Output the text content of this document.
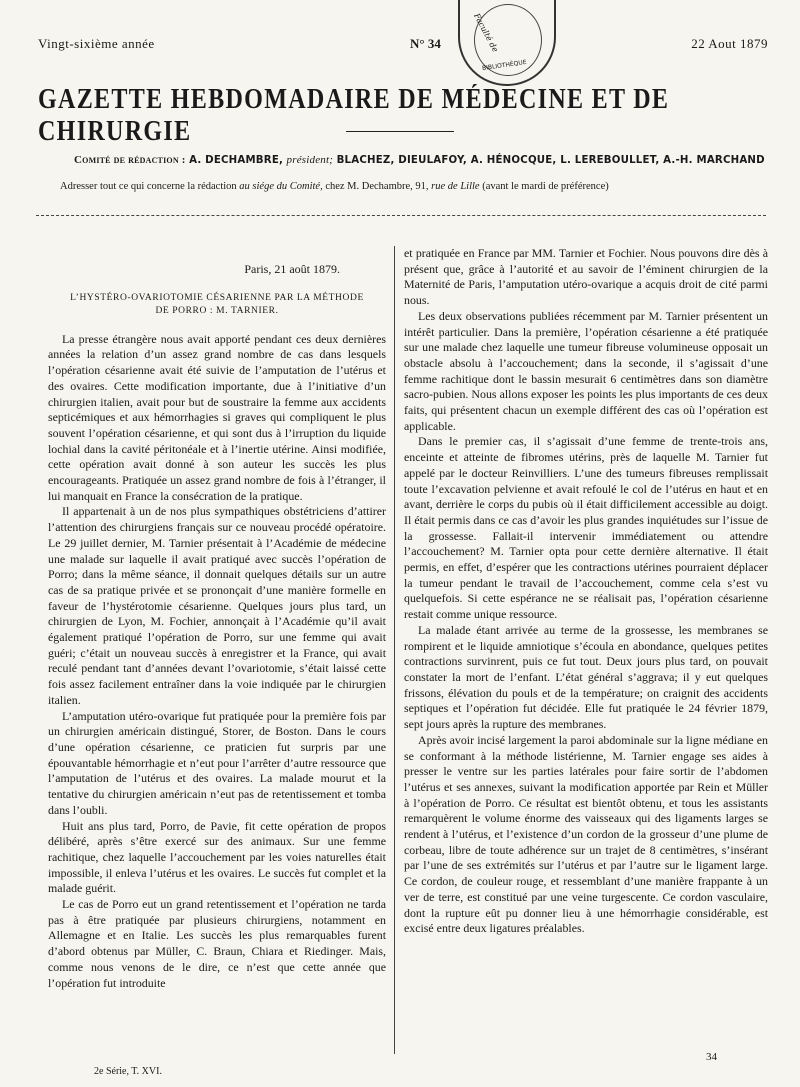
Vingt-sixième année	N° 34	22 Aout 1879
Faculté de
BIBLIOTHÈQUE
GAZETTE HEBDOMADAIRE DE MÉDECINE ET DE CHIRURGIE
Comité de rédaction : A. DECHAMBRE, président; BLACHEZ, DIEULAFOY, A. HÉNOCQUE, L. LEREBOULLET, A.-H. MARCHAND
Adresser tout ce qui concerne la rédaction au siége du Comité, chez M. Dechambre, 91, rue de Lille (avant le mardi de préférence)

Paris, 21 août 1879.

L’HYSTÉRO-OVARIOTOMIE CÉSARIENNE PAR LA MÉTHODE
DE PORRO : M. TARNIER.

La presse étrangère nous avait apporté pendant ces deux dernières années la relation d’un assez grand nombre de cas dans lesquels l’opération césarienne avait été suivie de l’amputation de l’utérus et des ovaires. Cette modification importante, due à l’initiative d’un chirurgien italien, avait pour but de soustraire la femme aux accidents septicémiques et aux hémorrhagies si graves qui compliquent le plus souvent l’opération césarienne, et qui sont dus à l’irruption du liquide lochial dans la cavité péritonéale et à l’inertie utérine. Ainsi modifiée, cette opération avait donné à son auteur les succès les plus encourageants. Pratiquée un assez grand nombre de fois à l’étranger, il lui manquait en France la consécration de la pratique.

Il appartenait à un de nos plus sympathiques obstétriciens d’attirer l’attention des chirurgiens français sur ce nouveau procédé opératoire. Le 29 juillet dernier, M. Tarnier présentait à l’Académie de médecine une malade sur laquelle il avait pratiqué avec succès l’opération de Porro; dans la même séance, il donnait quelques détails sur un autre cas de sa pratique privée et se prononçait d’une manière formelle en faveur de l’hystérotomie césarienne. Quelques jours plus tard, un chirurgien de Lyon, M. Fochier, annonçait à l’Académie qu’il avait également pratiqué l’opération de Porro, sur une femme qui avait guéri; c’était un nouveau succès à enregistrer et la France, qui avait reculé pendant tant d’années devant l’ovariotomie, s’était laissé cette fois assez facilement entraîner dans la voie indiquée par le chirurgien italien.

L’amputation utéro-ovarique fut pratiquée pour la première fois par un chirurgien américain distingué, Storer, de Boston. Dans le cours d’une opération césarienne, ce praticien fut surpris par une épouvantable hémorrhagie et n’eut pour l’arrêter d’autre ressource que l’amputation de l’utérus et des ovaires. La malade mourut et la tentative du chirurgien américain n’eut pas de retentissement et tomba dans l’oubli.

Huit ans plus tard, Porro, de Pavie, fit cette opération de propos délibéré, après s’être exercé sur des animaux. Sur une femme rachitique, chez laquelle l’accouchement par les voies naturelles était impossible, il enleva l’utérus et les ovaires. Le succès fut complet et la malade guérit.

Le cas de Porro eut un grand retentissement et l’opération ne tarda pas à être pratiquée par plusieurs chirurgiens, notamment en Allemagne et en Italie. Les succès les plus remarquables furent d’abord obtenus par Müller, C. Braun, Chiara et Riedinger. Mais, comme nous venons de le dire, ce n’est que cette année que l’opération fut introduite

et pratiquée en France par MM. Tarnier et Fochier. Nous pouvons dire dès à présent que, grâce à l’autorité et au savoir de l’éminent chirurgien de la Maternité de Paris, l’amputation utéro-ovarique a acquis droit de cité parmi nous.

Les deux observations publiées récemment par M. Tarnier présentent un intérêt particulier. Dans la première, l’opération césarienne a été pratiquée sur une malade chez laquelle une tumeur fibreuse volumineuse opposait un obstacle absolu à l’accouchement; dans la seconde, il s’agissait d’une femme rachitique dont le bassin mesurait 6 centimètres dans son diamètre sacro-pubien. Nous allons exposer les points les plus importants de ces deux faits, qui présentent chacun un exemple différent des cas où l’opération est applicable.

Dans le premier cas, il s’agissait d’une femme de trente-trois ans, enceinte et atteinte de fibromes utérins, près de laquelle M. Tarnier fut appelé par le docteur Reinvilliers. L’une des tumeurs fibreuses remplissait toute l’excavation pelvienne et avait refoulé le col de l’utérus en haut et en avant, derrière le corps du pubis où il était difficilement accessible au doigt. Il était permis dans ce cas d’avoir les plus grandes inquiétudes sur l’issue de la grossesse. Fallait-il intervenir immédiatement ou attendre l’accouchement? M. Tarnier opta pour cette dernière alternative. Il était permis, en effet, d’espérer que les contractions utérines pourraient déplacer la tumeur pendant le travail de l’accouchement, comme cela s’est vu quelquefois. Si cette espérance ne se réalisait pas, l’opération césarienne restait comme unique ressource.

La malade étant arrivée au terme de la grossesse, les membranes se rompirent et le liquide amniotique s’écoula en abondance, quelques petites contractions survinrent, puis ce fut tout. Deux jours plus tard, on pouvait constater la mort de l’enfant. L’état général s’aggrava; il y eut quelques frissons, élévation du pouls et de la température; on craignit des accidents septiques et l’opération fut décidée. Elle fut pratiquée le 24 février 1879, sept jours après la rupture des membranes.

Après avoir incisé largement la paroi abdominale sur la ligne médiane en se conformant à la méthode listérienne, M. Tarnier engage ses aides à presser le ventre sur les parties latérales pour faire sortir de l’abdomen l’utérus et ses annexes, suivant la modification apportée par Rein et Müller à l’opération de Porro. Ce résultat est bientôt obtenu, et tous les assistants remarquèrent le volume énorme des vaisseaux qui des ligaments larges se rendent à l’utérus, et l’existence d’un cordon de la grosseur d’une plume de corbeau, libre de toute adhérence sur un trajet de 8 centimètres, s’insérant par l’une de ses extrémités sur l’utérus et par l’autre sur le ligament large. Ce cordon, de couleur rouge, et ressemblant d’une manière frappante à un ver de terre, est constitué par une veine turgescente. Ce cordon vasculaire, dont la rupture eût pu donner lieu à une hémorrhagie considérable, est excisé entre deux ligatures préalables.

2e Série, T. XVI.
34
